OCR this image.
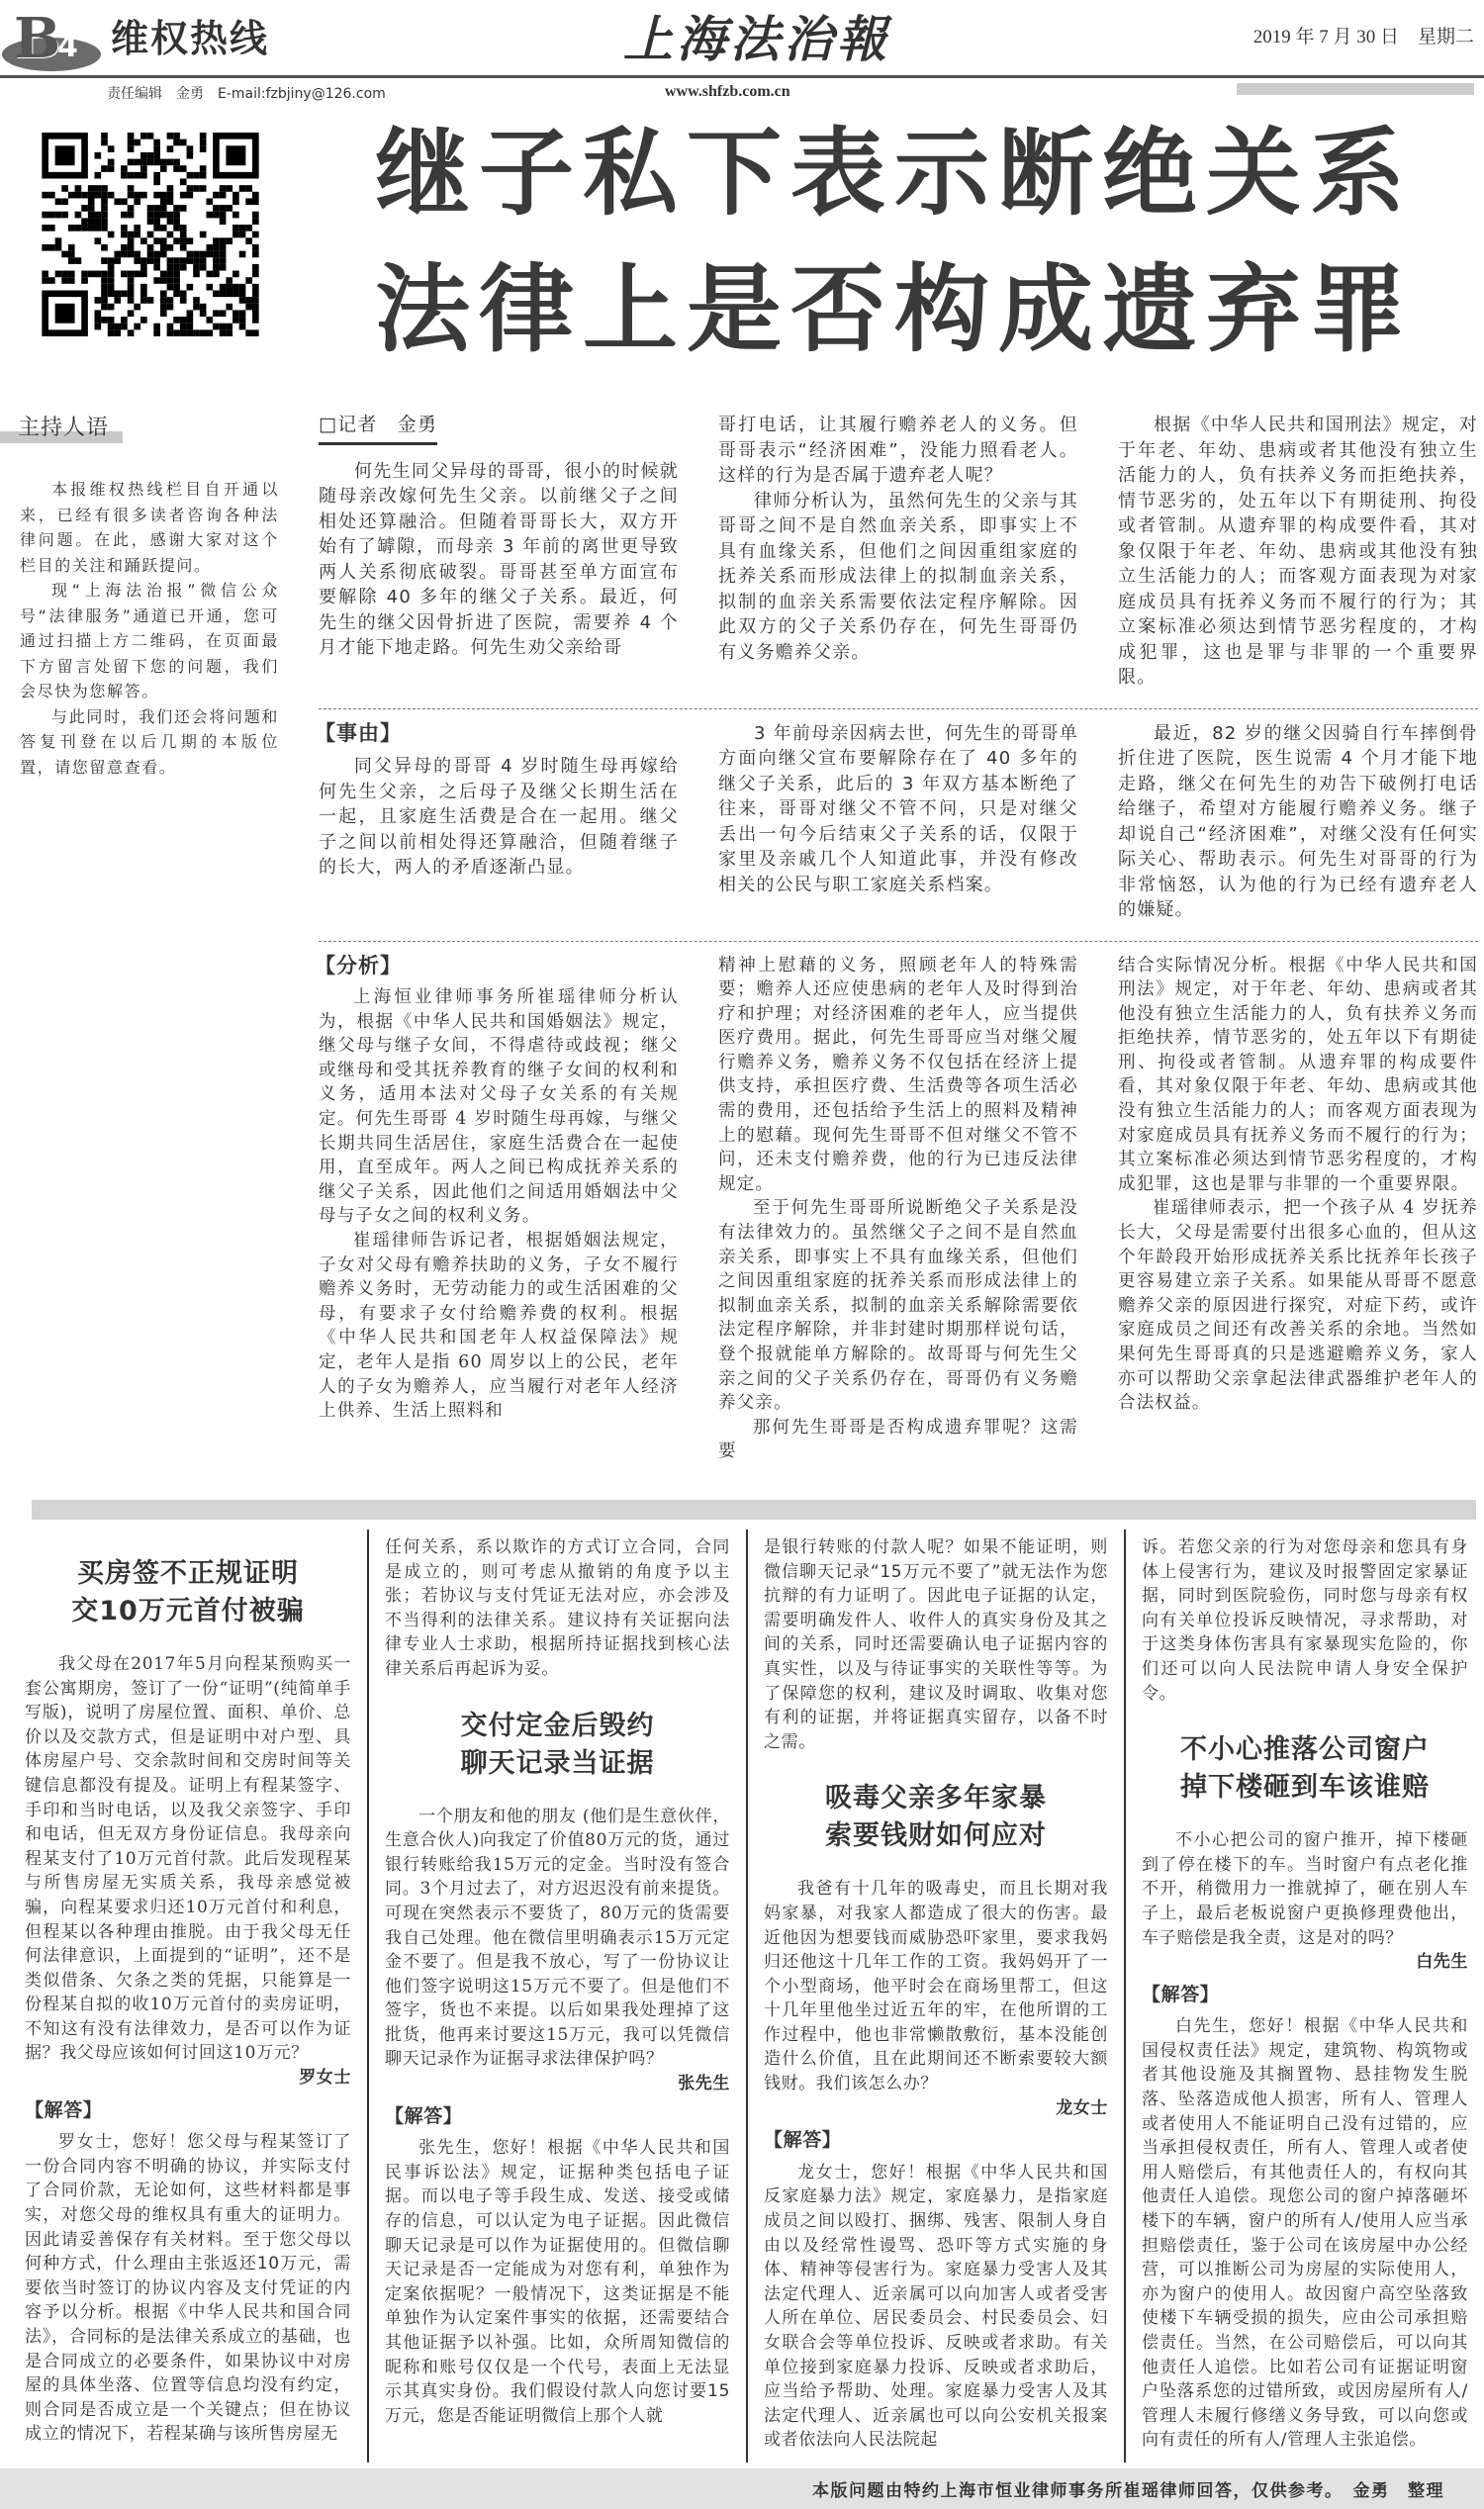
B
4 维权热线
责任编辑　金勇　E-mail:fzbjiny@126.com
上海法治報
www.shfzb.com.cn
2019 年 7 月 30 日　星期二
继子私下表示断绝关系
法律上是否构成遗弃罪
主持人语

本报维权热线栏目自开通以来，已经有很多读者咨询各种法律问题。在此，感谢大家对这个栏目的关注和踊跃提问。

现“上海法治报”微信公众号“法律服务”通道已开通，您可通过扫描上方二维码，在页面最下方留言处留下您的问题，我们会尽快为您解答。

与此同时，我们还会将问题和答复刊登在以后几期的本版位置，请您留意查看。

□记者　金勇

何先生同父异母的哥哥，很小的时候就随母亲改嫁何先生父亲。以前继父子之间相处还算融洽。但随着哥哥长大，双方开始有了罅隙，而母亲 3 年前的离世更导致两人关系彻底破裂。哥哥甚至单方面宣布要解除 40 多年的继父子关系。最近，何先生的继父因骨折进了医院，需要养 4 个月才能下地走路。何先生劝父亲给哥

哥打电话，让其履行赡养老人的义务。但哥哥表示“经济困难”，没能力照看老人。这样的行为是否属于遗弃老人呢？

律师分析认为，虽然何先生的父亲与其哥哥之间不是自然血亲关系，即事实上不具有血缘关系，但他们之间因重组家庭的抚养关系而形成法律上的拟制血亲关系，拟制的血亲关系需要依法定程序解除。因此双方的父子关系仍存在，何先生哥哥仍有义务赡养父亲。

根据《中华人民共和国刑法》规定，对于年老、年幼、患病或者其他没有独立生活能力的人，负有扶养义务而拒绝扶养，情节恶劣的，处五年以下有期徒刑、拘役或者管制。从遗弃罪的构成要件看，其对象仅限于年老、年幼、患病或其他没有独立生活能力的人；而客观方面表现为对家庭成员具有抚养义务而不履行的行为；其立案标准必须达到情节恶劣程度的，才构成犯罪，这也是罪与非罪的一个重要界限。

【事由】

同父异母的哥哥 4 岁时随生母再嫁给何先生父亲，之后母子及继父长期生活在一起，且家庭生活费是合在一起用。继父子之间以前相处得还算融洽，但随着继子的长大，两人的矛盾逐渐凸显。

3 年前母亲因病去世，何先生的哥哥单方面向继父宣布要解除存在了 40 多年的继父子关系，此后的 3 年双方基本断绝了往来，哥哥对继父不管不问，只是对继父丢出一句今后结束父子关系的话，仅限于家里及亲戚几个人知道此事，并没有修改相关的公民与职工家庭关系档案。

最近，82 岁的继父因骑自行车摔倒骨折住进了医院，医生说需 4 个月才能下地走路，继父在何先生的劝告下破例打电话给继子，希望对方能履行赡养义务。继子却说自己“经济困难”，对继父没有任何实际关心、帮助表示。何先生对哥哥的行为非常恼怒，认为他的行为已经有遗弃老人的嫌疑。

【分析】

上海恒业律师事务所崔瑶律师分析认为，根据《中华人民共和国婚姻法》规定，继父母与继子女间，不得虐待或歧视；继父或继母和受其抚养教育的继子女间的权利和义务，适用本法对父母子女关系的有关规定。何先生哥哥 4 岁时随生母再嫁，与继父长期共同生活居住，家庭生活费合在一起使用，直至成年。两人之间已构成抚养关系的继父子关系，因此他们之间适用婚姻法中父母与子女之间的权利义务。

崔瑶律师告诉记者，根据婚姻法规定，子女对父母有赡养扶助的义务，子女不履行赡养义务时，无劳动能力的或生活困难的父母，有要求子女付给赡养费的权利。根据《中华人民共和国老年人权益保障法》规定，老年人是指 60 周岁以上的公民，老年人的子女为赡养人，应当履行对老年人经济上供养、生活上照料和

精神上慰藉的义务，照顾老年人的特殊需要；赡养人还应使患病的老年人及时得到治疗和护理；对经济困难的老年人，应当提供医疗费用。据此，何先生哥哥应当对继父履行赡养义务，赡养义务不仅包括在经济上提供支持，承担医疗费、生活费等各项生活必需的费用，还包括给予生活上的照料及精神上的慰藉。现何先生哥哥不但对继父不管不问，还未支付赡养费，他的行为已违反法律规定。

至于何先生哥哥所说断绝父子关系是没有法律效力的。虽然继父子之间不是自然血亲关系，即事实上不具有血缘关系，但他们之间因重组家庭的抚养关系而形成法律上的拟制血亲关系，拟制的血亲关系解除需要依法定程序解除，并非封建时期那样说句话，登个报就能单方解除的。故哥哥与何先生父亲之间的父子关系仍存在，哥哥仍有义务赡养父亲。

那何先生哥哥是否构成遗弃罪呢？这需要

结合实际情况分析。根据《中华人民共和国刑法》规定，对于年老、年幼、患病或者其他没有独立生活能力的人，负有扶养义务而拒绝扶养，情节恶劣的，处五年以下有期徒刑、拘役或者管制。从遗弃罪的构成要件看，其对象仅限于年老、年幼、患病或其他没有独立生活能力的人；而客观方面表现为对家庭成员具有抚养义务而不履行的行为；其立案标准必须达到情节恶劣程度的，才构成犯罪，这也是罪与非罪的一个重要界限。

崔瑶律师表示，把一个孩子从 4 岁抚养长大，父母是需要付出很多心血的，但从这个年龄段开始形成抚养关系比抚养年长孩子更容易建立亲子关系。如果能从哥哥不愿意赡养父亲的原因进行探究，对症下药，或许家庭成员之间还有改善关系的余地。当然如果何先生哥哥真的只是逃避赡养义务，家人亦可以帮助父亲拿起法律武器维护老年人的合法权益。

买房签不正规证明
交10万元首付被骗

我父母在2017年5月向程某预购买一套公寓期房，签订了一份“证明”(纯简单手写版)，说明了房屋位置、面积、单价、总价以及交款方式，但是证明中对户型、具体房屋户号、交余款时间和交房时间等关键信息都没有提及。证明上有程某签字、手印和当时电话，以及我父亲签字、手印和电话，但无双方身份证信息。我母亲向程某支付了10万元首付款。此后发现程某与所售房屋无实质关系，我母亲感觉被骗，向程某要求归还10万元首付和利息，但程某以各种理由推脱。由于我父母无任何法律意识，上面提到的“证明”，还不是类似借条、欠条之类的凭据，只能算是一份程某自拟的收10万元首付的卖房证明，不知这有没有法律效力，是否可以作为证据？我父母应该如何讨回这10万元？

罗女士
【解答】

罗女士，您好！您父母与程某签订了一份合同内容不明确的协议，并实际支付了合同价款，无论如何，这些材料都是事实，对您父母的维权具有重大的证明力。因此请妥善保存有关材料。至于您父母以何种方式，什么理由主张返还10万元，需要依当时签订的协议内容及支付凭证的内容予以分析。根据《中华人民共和国合同法》，合同标的是法律关系成立的基础，也是合同成立的必要条件，如果协议中对房屋的具体坐落、位置等信息均没有约定，则合同是否成立是一个关键点；但在协议成立的情况下，若程某确与该所售房屋无

任何关系，系以欺诈的方式订立合同，合同是成立的，则可考虑从撤销的角度予以主张；若协议与支付凭证无法对应，亦会涉及不当得利的法律关系。建议持有关证据向法律专业人士求助，根据所持证据找到核心法律关系后再起诉为妥。

交付定金后毁约
聊天记录当证据

一个朋友和他的朋友 (他们是生意伙伴，生意合伙人)向我定了价值80万元的货，通过银行转账给我15万元的定金。当时没有签合同。3个月过去了，对方迟迟没有前来提货。可现在突然表示不要货了，80万元的货需要我自己处理。他在微信里明确表示15万元定金不要了。但是我不放心，写了一份协议让他们签字说明这15万元不要了。但是他们不签字，货也不来提。以后如果我处理掉了这批货，他再来讨要这15万元，我可以凭微信聊天记录作为证据寻求法律保护吗？

张先生
【解答】

张先生，您好！根据《中华人民共和国民事诉讼法》规定，证据种类包括电子证据。而以电子等手段生成、发送、接受或储存的信息，可以认定为电子证据。因此微信聊天记录是可以作为证据使用的。但微信聊天记录是否一定能成为对您有利，单独作为定案依据呢？一般情况下，这类证据是不能单独作为认定案件事实的依据，还需要结合其他证据予以补强。比如，众所周知微信的昵称和账号仅仅是一个代号，表面上无法显示其真实身份。我们假设付款人向您讨要15万元，您是否能证明微信上那个人就

是银行转账的付款人呢？如果不能证明，则微信聊天记录“15万元不要了”就无法作为您抗辩的有力证明了。因此电子证据的认定，需要明确发件人、收件人的真实身份及其之间的关系，同时还需要确认电子证据内容的真实性，以及与待证事实的关联性等等。为了保障您的权利，建议及时调取、收集对您有利的证据，并将证据真实留存，以备不时之需。

吸毒父亲多年家暴
索要钱财如何应对

我爸有十几年的吸毒史，而且长期对我妈家暴，对我家人都造成了很大的伤害。最近他因为想要钱而威胁恐吓家里，要求我妈归还他这十几年工作的工资。我妈妈开了一个小型商场，他平时会在商场里帮工，但这十几年里他坐过近五年的牢，在他所谓的工作过程中，他也非常懒散敷衍，基本没能创造什么价值，且在此期间还不断索要较大额钱财。我们该怎么办？

龙女士
【解答】

龙女士，您好！根据《中华人民共和国反家庭暴力法》规定，家庭暴力，是指家庭成员之间以殴打、捆绑、残害、限制人身自由以及经常性谩骂、恐吓等方式实施的身体、精神等侵害行为。家庭暴力受害人及其法定代理人、近亲属可以向加害人或者受害人所在单位、居民委员会、村民委员会、妇女联合会等单位投诉、反映或者求助。有关单位接到家庭暴力投诉、反映或者求助后，应当给予帮助、处理。家庭暴力受害人及其法定代理人、近亲属也可以向公安机关报案或者依法向人民法院起

诉。若您父亲的行为对您母亲和您具有身体上侵害行为，建议及时报警固定家暴证据，同时到医院验伤，同时您与母亲有权向有关单位投诉反映情况，寻求帮助，对于这类身体伤害具有家暴现实危险的，你们还可以向人民法院申请人身安全保护令。

不小心推落公司窗户
掉下楼砸到车该谁赔

不小心把公司的窗户推开，掉下楼砸到了停在楼下的车。当时窗户有点老化推不开，稍微用力一推就掉了，砸在别人车子上，最后老板说窗户更换修理费他出，车子赔偿是我全责，这是对的吗？

白先生
【解答】

白先生，您好！根据《中华人民共和国侵权责任法》规定，建筑物、构筑物或者其他设施及其搁置物、悬挂物发生脱落、坠落造成他人损害，所有人、管理人或者使用人不能证明自己没有过错的，应当承担侵权责任，所有人、管理人或者使用人赔偿后，有其他责任人的，有权向其他责任人追偿。现您公司的窗户掉落砸坏楼下的车辆，窗户的所有人/使用人应当承担赔偿责任，鉴于公司在该房屋中办公经营，可以推断公司为房屋的实际使用人，亦为窗户的使用人。故因窗户高空坠落致使楼下车辆受损的损失，应由公司承担赔偿责任。当然，在公司赔偿后，可以向其他责任人追偿。比如若公司有证据证明窗户坠落系您的过错所致，或因房屋所有人/管理人未履行修缮义务导致，可以向您或向有责任的所有人/管理人主张追偿。

本版问题由特约上海市恒业律师事务所崔瑶律师回答，仅供参考。　金勇　整理
